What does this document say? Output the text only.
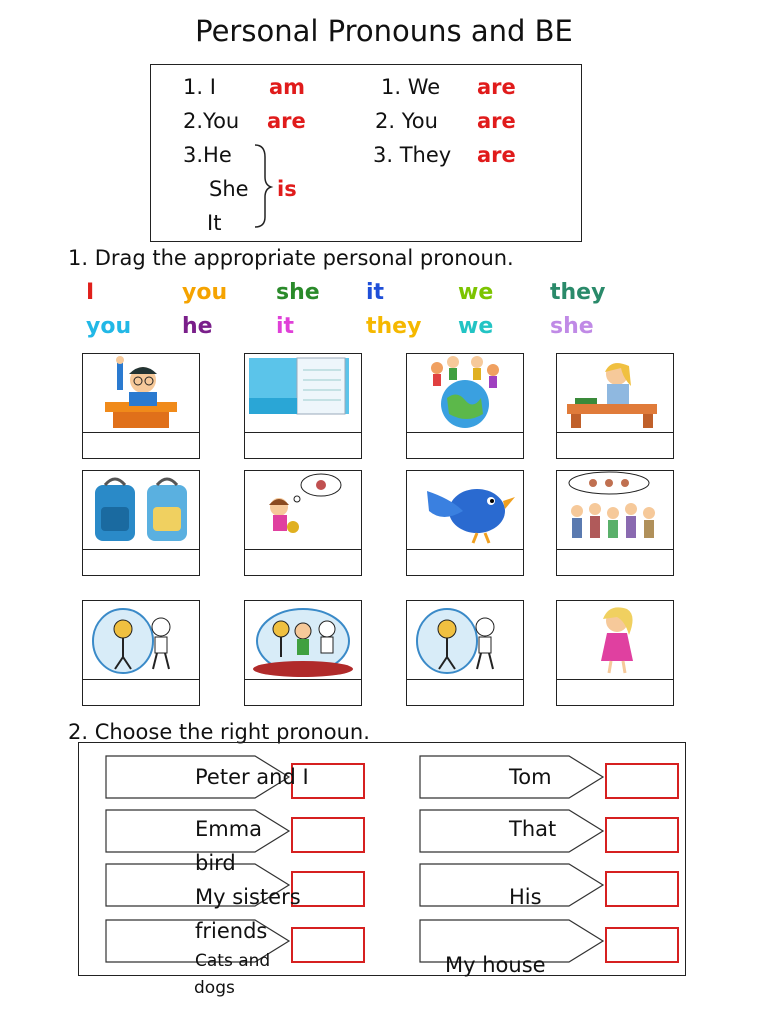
Personal Pronouns and BE
1. I	am
2.You are
3.He
She is
It
1. We are
2. You are
3. They are
1. Drag the appropriate personal pronoun.
I	you she it	we	they
you he	it	they we	she
2. Choose the right pronoun.
Peter and I
Emma
bird
My sisters
friends
Cats and
Tom
That
His
My house
dogs
